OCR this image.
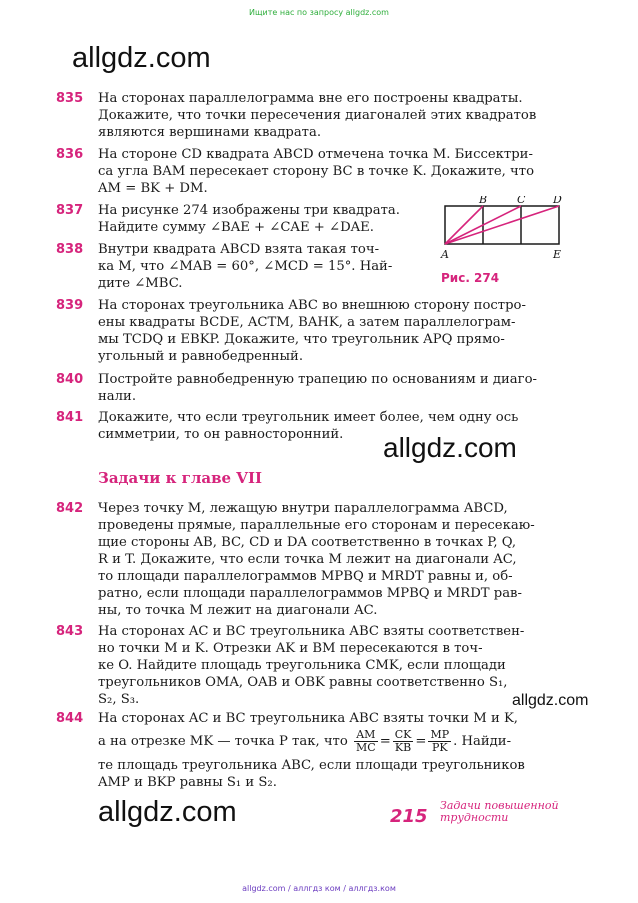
Ищите нас по запросу allgdz.com
allgdz.com
835 На сторонах параллелограмма вне его построены квадраты.
Докажите, что точки пересечения диагоналей этих квадратов
являются вершинами квадрата.
836 На стороне CD квадрата ABCD отмечена точка M. Биссектри-
са угла BAM пересекает сторону BC в точке K. Докажите, что
AM = BK + DM.
837 На рисунке 274 изображены три квадрата.
Найдите сумму ∠BAE + ∠CAE + ∠DAE.
838 Внутри квадрата ABCD взята такая точ-
ка M, что ∠MAB = 60°, ∠MCD = 15°. Най-
дите ∠MBC.
B	C	D
A	E
Рис. 274
839 На сторонах треугольника ABC во внешнюю сторону постро-
ены квадраты BCDE, ACTM, BAHK, а затем параллелограм-
мы TCDQ и EBKP. Докажите, что треугольник APQ прямо-
угольный и равнобедренный.
840 Постройте равнобедренную трапецию по основаниям и диаго-
нали.
841 Докажите, что если треугольник имеет более, чем одну ось
симметрии, то он равносторонний.	allgdz.com
Задачи к главе VII
842 Через точку M, лежащую внутри параллелограмма ABCD,
проведены прямые, параллельные его сторонам и пересекаю-
щие стороны AB, BC, CD и DA соответственно в точках P, Q,
R и T. Докажите, что если точка M лежит на диагонали AC,
то площади параллелограммов MPBQ и MRDT равны и, об-
ратно, если площади параллелограммов MPBQ и MRDT рав-
ны, то точка M лежит на диагонали AC.
843 На сторонах AC и BC треугольника ABC взяты соответствен-
но точки M и K. Отрезки AK и BM пересекаются в точ-
ке O. Найдите площадь треугольника CMK, если площади
треугольников OMA, OAB и OBK равны соответственно S₁,
S₂, S₃.	allgdz.com
844 На сторонах AC и BC треугольника ABC взяты точки M и K,
а на отрезке MK — точка P так, что $\frac{AM}{MC} = \frac{CK}{KB} = \frac{MP}{PK}$ . Найди-
те площадь треугольника ABC, если площади треугольников
AMP и BKP равны S₁ и S₂.
allgdz.com	215
Задачи повышенной
трудности
allgdz.com / аллгдз ком / аллгдз.ком
